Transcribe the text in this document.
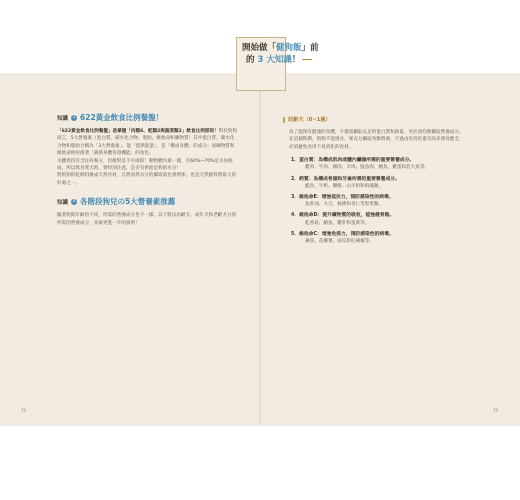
開始做「健狗飯」前
的 3 大知識！
知識	1 622黃金飲食比例餐盤！

「622黃金飲食比例餐盤」是掌握「肉類6、乾類2與蔬菜類2」飲食比例原則！對於狗狗而言，5大營養素（蛋白質、碳水化合物、脂肪、維他命和礦物質）其中蛋白質、碳水化合物和脂肪合稱為「3大營養素」，能「提供能量」，是「構成身體」的成分；而礦物質和維他命則扮演著「調節身體各項機能」的角色。

水雖然沒有含任何養分，但維對是不可或缺！動物體內最一樣，有60%~70%是水份組成，所以飲食愛犬時，要特別注意，是否有供給足夠的水分！

將狗狗的乾飼料換成天然食材，自然而然水分的攝取量也會增加，也是天然鮮料理最大的好處之一。

知識	2 各階段狗兒の5大營養素推薦

隨著狗狗年齡的不同，所需的營養成分也不一樣，以下將以幼齡犬、成年犬和老齡犬分別所需的營養成分，來做更進一步的說明！

幼齡犬（0~1歲）

為了能保有健康的身體，不僅需攝取充足的蛋白質和熱量，更必須均衡攝取營養成分。在這個時期，狗狗不能挑食，要充分攝取各類營養，不過由於消化器官尚未發育健全，必須避免食用不易消化的食材。

1．蛋白質：為構成肌肉或體內臟器所需的重要營養成分。
雞肉、牛肉、豬肉、羊肉、鮭魚肉、鯖魚、雞蛋和乳大魚等。
2．鈣質：為構成骨頭和牙齒所需的重要營養成分。
鯷魚、牛奶、優格、山羊奶和海藻類。
3．維他命E：增強抵抗力，預防感染性的病毒。
魚肝油、大豆、核桃和杏仁等堅果類。
4．維他命D：提升礦物質的吸收，能強健骨骼。
乾香菇、鯖魚、雞肝和蛋黃等。
5．維他命C：增強免疫力，預防感染性的病毒。
蕃茄、花椰菜、南瓜和紅辣椒等。
72	73
